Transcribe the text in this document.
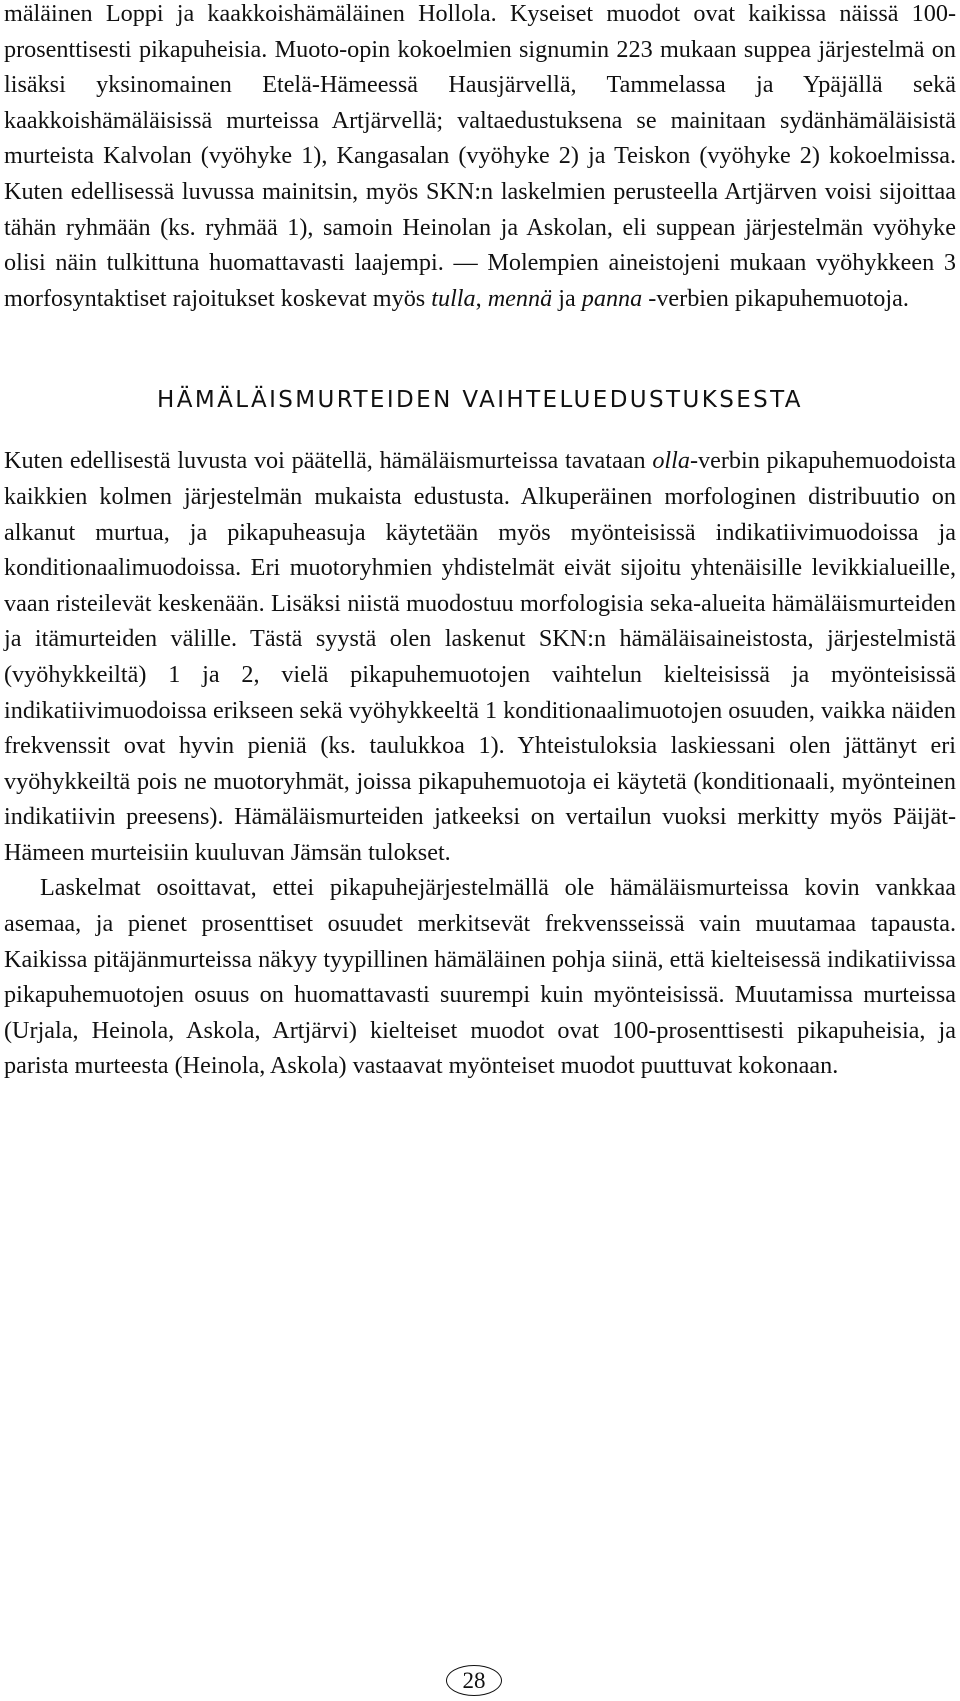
mäläinen Loppi ja kaakkoishämäläinen Hollola. Kyseiset muodot ovat kaikissa näissä 100-prosenttisesti pikapuheisia. Muoto-opin kokoelmien signumin 223 mukaan suppea järjestelmä on lisäksi yksinomainen Etelä-Hämeessä Hausjärvellä, Tammelassa ja Ypäjällä sekä kaakkoishämäläisissä murteissa Artjärvellä; valtaedustuksena se mainitaan sydänhämäläisistä murteista Kalvolan (vyöhyke 1), Kangasalan (vyöhyke 2) ja Teiskon (vyöhyke 2) kokoelmissa. Kuten edellisessä luvussa mainitsin, myös SKN:n laskelmien perusteella Artjärven voisi sijoittaa tähän ryhmään (ks. ryhmää 1), samoin Heinolan ja Askolan, eli suppean järjestelmän vyöhyke olisi näin tulkittuna huomattavasti laajempi. — Molempien aineistojeni mukaan vyöhykkeen 3 morfosyntaktiset rajoitukset koskevat myös tulla, mennä ja panna -verbien pikapuhemuotoja.

HÄMÄLÄISMURTEIDEN VAIHTELUEDUSTUKSESTA

Kuten edellisestä luvusta voi päätellä, hämäläismurteissa tavataan olla-verbin pikapuhemuodoista kaikkien kolmen järjestelmän mukaista edustusta. Alkuperäinen morfologinen distribuutio on alkanut murtua, ja pikapuheasuja käytetään myös myönteisissä indikatiivimuodoissa ja konditionaalimuodoissa. Eri muotoryhmien yhdistelmät eivät sijoitu yhtenäisille levikkialueille, vaan risteilevät keskenään. Lisäksi niistä muodostuu morfologisia seka-alueita hämäläismurteiden ja itämurteiden välille. Tästä syystä olen laskenut SKN:n hämäläisaineistosta, järjestelmistä (vyöhykkeiltä) 1 ja 2, vielä pikapuhemuotojen vaihtelun kielteisissä ja myönteisissä indikatiivimuodoissa erikseen sekä vyöhykkeeltä 1 konditionaalimuotojen osuuden, vaikka näiden frekvenssit ovat hyvin pieniä (ks. taulukkoa 1). Yhteistuloksia laskiessani olen jättänyt eri vyöhykkeiltä pois ne muotoryhmät, joissa pikapuhemuotoja ei käytetä (konditionaali, myönteinen indikatiivin preesens). Hämäläismurteiden jatkeeksi on vertailun vuoksi merkitty myös Päijät-Hämeen murteisiin kuuluvan Jämsän tulokset.

Laskelmat osoittavat, ettei pikapuhejärjestelmällä ole hämäläismurteissa kovin vankkaa asemaa, ja pienet prosenttiset osuudet merkitsevät frekvensseissä vain muutamaa tapausta. Kaikissa pitäjänmurteissa näkyy tyypillinen hämäläinen pohja siinä, että kielteisessä indikatiivissa pikapuhemuotojen osuus on huomattavasti suurempi kuin myönteisissä. Muutamissa murteissa (Urjala, Heinola, Askola, Artjärvi) kielteiset muodot ovat 100-prosenttisesti pikapuheisia, ja parista murteesta (Heinola, Askola) vastaavat myönteiset muodot puuttuvat kokonaan.

28
